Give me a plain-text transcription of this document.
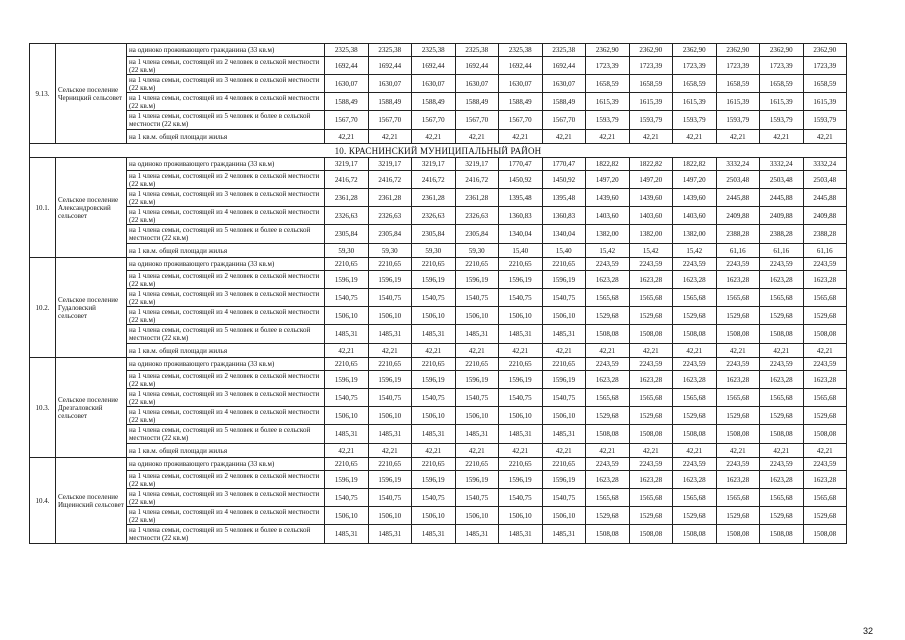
9.13.	Сельское поселение Черницкий сельсовет	на одиноко проживающего гражданина (33 кв.м)	2325,38	2325,38	2325,38	2325,38	2325,38	2325,38	2362,90	2362,90	2362,90	2362,90	2362,90	2362,90
		на 1 члена семьи, состоящей из 2 человек в сельской местности (22 кв.м)	1692,44	1692,44	1692,44	1692,44	1692,44	1692,44	1723,39	1723,39	1723,39	1723,39	1723,39	1723,39
		на 1 члена семьи, состоящей из 3 человек в сельской местности (22 кв.м)	1630,07	1630,07	1630,07	1630,07	1630,07	1630,07	1658,59	1658,59	1658,59	1658,59	1658,59	1658,59
		на 1 члена семьи, состоящей из 4 человек в сельской местности (22 кв.м)	1588,49	1588,49	1588,49	1588,49	1588,49	1588,49	1615,39	1615,39	1615,39	1615,39	1615,39	1615,39
		на 1 члена семьи, состоящей из 5 человек и более в сельской местности (22 кв.м)	1567,70	1567,70	1567,70	1567,70	1567,70	1567,70	1593,79	1593,79	1593,79	1593,79	1593,79	1593,79
		на 1 кв.м. общей площади жилья	42,21	42,21	42,21	42,21	42,21	42,21	42,21	42,21	42,21	42,21	42,21	42,21
10. КРАСНИНСКИЙ МУНИЦИПАЛЬНЫЙ РАЙОН														
10.1.	Сельское поселение Александровский сельсовет	на одиноко проживающего гражданина (33 кв.м)	3219,17	3219,17	3219,17	3219,17	1770,47	1770,47	1822,82	1822,82	1822,82	3332,24	3332,24	3332,24
		на 1 члена семьи, состоящей из 2 человек в сельской местности (22 кв.м)	2416,72	2416,72	2416,72	2416,72	1450,92	1450,92	1497,20	1497,20	1497,20	2503,48	2503,48	2503,48
		на 1 члена семьи, состоящей из 3 человек в сельской местности (22 кв.м)	2361,28	2361,28	2361,28	2361,28	1395,48	1395,48	1439,60	1439,60	1439,60	2445,88	2445,88	2445,88
		на 1 члена семьи, состоящей из 4 человек в сельской местности (22 кв.м)	2326,63	2326,63	2326,63	2326,63	1360,83	1360,83	1403,60	1403,60	1403,60	2409,88	2409,88	2409,88
		на 1 члена семьи, состоящей из 5 человек и более в сельской местности (22 кв.м)	2305,84	2305,84	2305,84	2305,84	1340,04	1340,04	1382,00	1382,00	1382,00	2388,28	2388,28	2388,28
		на 1 кв.м. общей площади жилья	59,30	59,30	59,30	59,30	15,40	15,40	15,42	15,42	15,42	61,16	61,16	61,16
10.2.	Сельское поселение Гудаловский сельсовет	на одиноко проживающего гражданина (33 кв.м)	2210,65	2210,65	2210,65	2210,65	2210,65	2210,65	2243,59	2243,59	2243,59	2243,59	2243,59	2243,59
		на 1 члена семьи, состоящей из 2 человек в сельской местности (22 кв.м)	1596,19	1596,19	1596,19	1596,19	1596,19	1596,19	1623,28	1623,28	1623,28	1623,28	1623,28	1623,28
		на 1 члена семьи, состоящей из 3 человек в сельской местности (22 кв.м)	1540,75	1540,75	1540,75	1540,75	1540,75	1540,75	1565,68	1565,68	1565,68	1565,68	1565,68	1565,68
		на 1 члена семьи, состоящей из 4 человек в сельской местности (22 кв.м)	1506,10	1506,10	1506,10	1506,10	1506,10	1506,10	1529,68	1529,68	1529,68	1529,68	1529,68	1529,68
		на 1 члена семьи, состоящей из 5 человек и более в сельской местности (22 кв.м)	1485,31	1485,31	1485,31	1485,31	1485,31	1485,31	1508,08	1508,08	1508,08	1508,08	1508,08	1508,08
		на 1 кв.м. общей площади жилья	42,21	42,21	42,21	42,21	42,21	42,21	42,21	42,21	42,21	42,21	42,21	42,21
10.3.	Сельское поселение Дрезгаловский сельсовет	на одиноко проживающего гражданина (33 кв.м)	2210,65	2210,65	2210,65	2210,65	2210,65	2210,65	2243,59	2243,59	2243,59	2243,59	2243,59	2243,59
		на 1 члена семьи, состоящей из 2 человек в сельской местности (22 кв.м)	1596,19	1596,19	1596,19	1596,19	1596,19	1596,19	1623,28	1623,28	1623,28	1623,28	1623,28	1623,28
		на 1 члена семьи, состоящей из 3 человек в сельской местности (22 кв.м)	1540,75	1540,75	1540,75	1540,75	1540,75	1540,75	1565,68	1565,68	1565,68	1565,68	1565,68	1565,68
		на 1 члена семьи, состоящей из 4 человек в сельской местности (22 кв.м)	1506,10	1506,10	1506,10	1506,10	1506,10	1506,10	1529,68	1529,68	1529,68	1529,68	1529,68	1529,68
		на 1 члена семьи, состоящей из 5 человек и более в сельской местности (22 кв.м)	1485,31	1485,31	1485,31	1485,31	1485,31	1485,31	1508,08	1508,08	1508,08	1508,08	1508,08	1508,08
		на 1 кв.м. общей площади жилья	42,21	42,21	42,21	42,21	42,21	42,21	42,21	42,21	42,21	42,21	42,21	42,21
10.4.	Сельское поселение Ищеинский сельсовет	на одиноко проживающего гражданина (33 кв.м)	2210,65	2210,65	2210,65	2210,65	2210,65	2210,65	2243,59	2243,59	2243,59	2243,59	2243,59	2243,59
		на 1 члена семьи, состоящей из 2 человек в сельской местности (22 кв.м)	1596,19	1596,19	1596,19	1596,19	1596,19	1596,19	1623,28	1623,28	1623,28	1623,28	1623,28	1623,28
		на 1 члена семьи, состоящей из 3 человек в сельской местности (22 кв.м)	1540,75	1540,75	1540,75	1540,75	1540,75	1540,75	1565,68	1565,68	1565,68	1565,68	1565,68	1565,68
		на 1 члена семьи, состоящей из 4 человек в сельской местности (22 кв.м)	1506,10	1506,10	1506,10	1506,10	1506,10	1506,10	1529,68	1529,68	1529,68	1529,68	1529,68	1529,68
		на 1 члена семьи, состоящей из 5 человек и более в сельской местности (22 кв.м)	1485,31	1485,31	1485,31	1485,31	1485,31	1485,31	1508,08	1508,08	1508,08	1508,08	1508,08	1508,08
32
